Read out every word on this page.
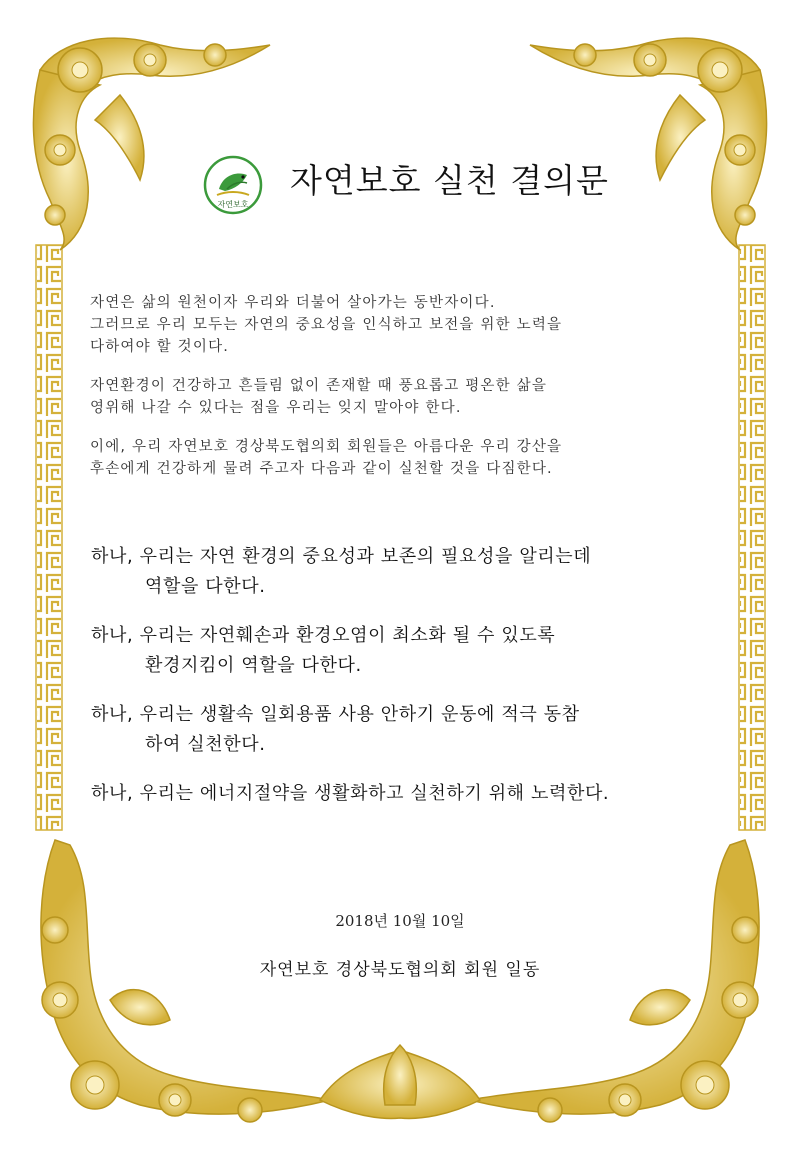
자연보호
자연보호 실천 결의문

자연은 삶의 원천이자 우리와 더불어 살아가는 동반자이다.
그러므로 우리 모두는 자연의 중요성을 인식하고 보전을 위한 노력을
다하여야 할 것이다.

자연환경이 건강하고 흔들림 없이 존재할 때 풍요롭고 평온한 삶을
영위해 나갈 수 있다는 점을 우리는 잊지 말아야 한다.

이에, 우리 자연보호 경상북도협의회 회원들은 아름다운 우리 강산을
후손에게 건강하게 물려 주고자 다음과 같이 실천할 것을 다짐한다.

하나, 우리는 자연 환경의 중요성과 보존의 필요성을 알리는데
역할을 다한다.
하나, 우리는 자연훼손과 환경오염이 최소화 될 수 있도록
환경지킴이 역할을 다한다.
하나, 우리는 생활속 일회용품 사용 안하기 운동에 적극 동참
하여 실천한다.
하나, 우리는 에너지절약을 생활화하고 실천하기 위해 노력한다.
2018년 10월 10일
자연보호 경상북도협의회 회원 일동
